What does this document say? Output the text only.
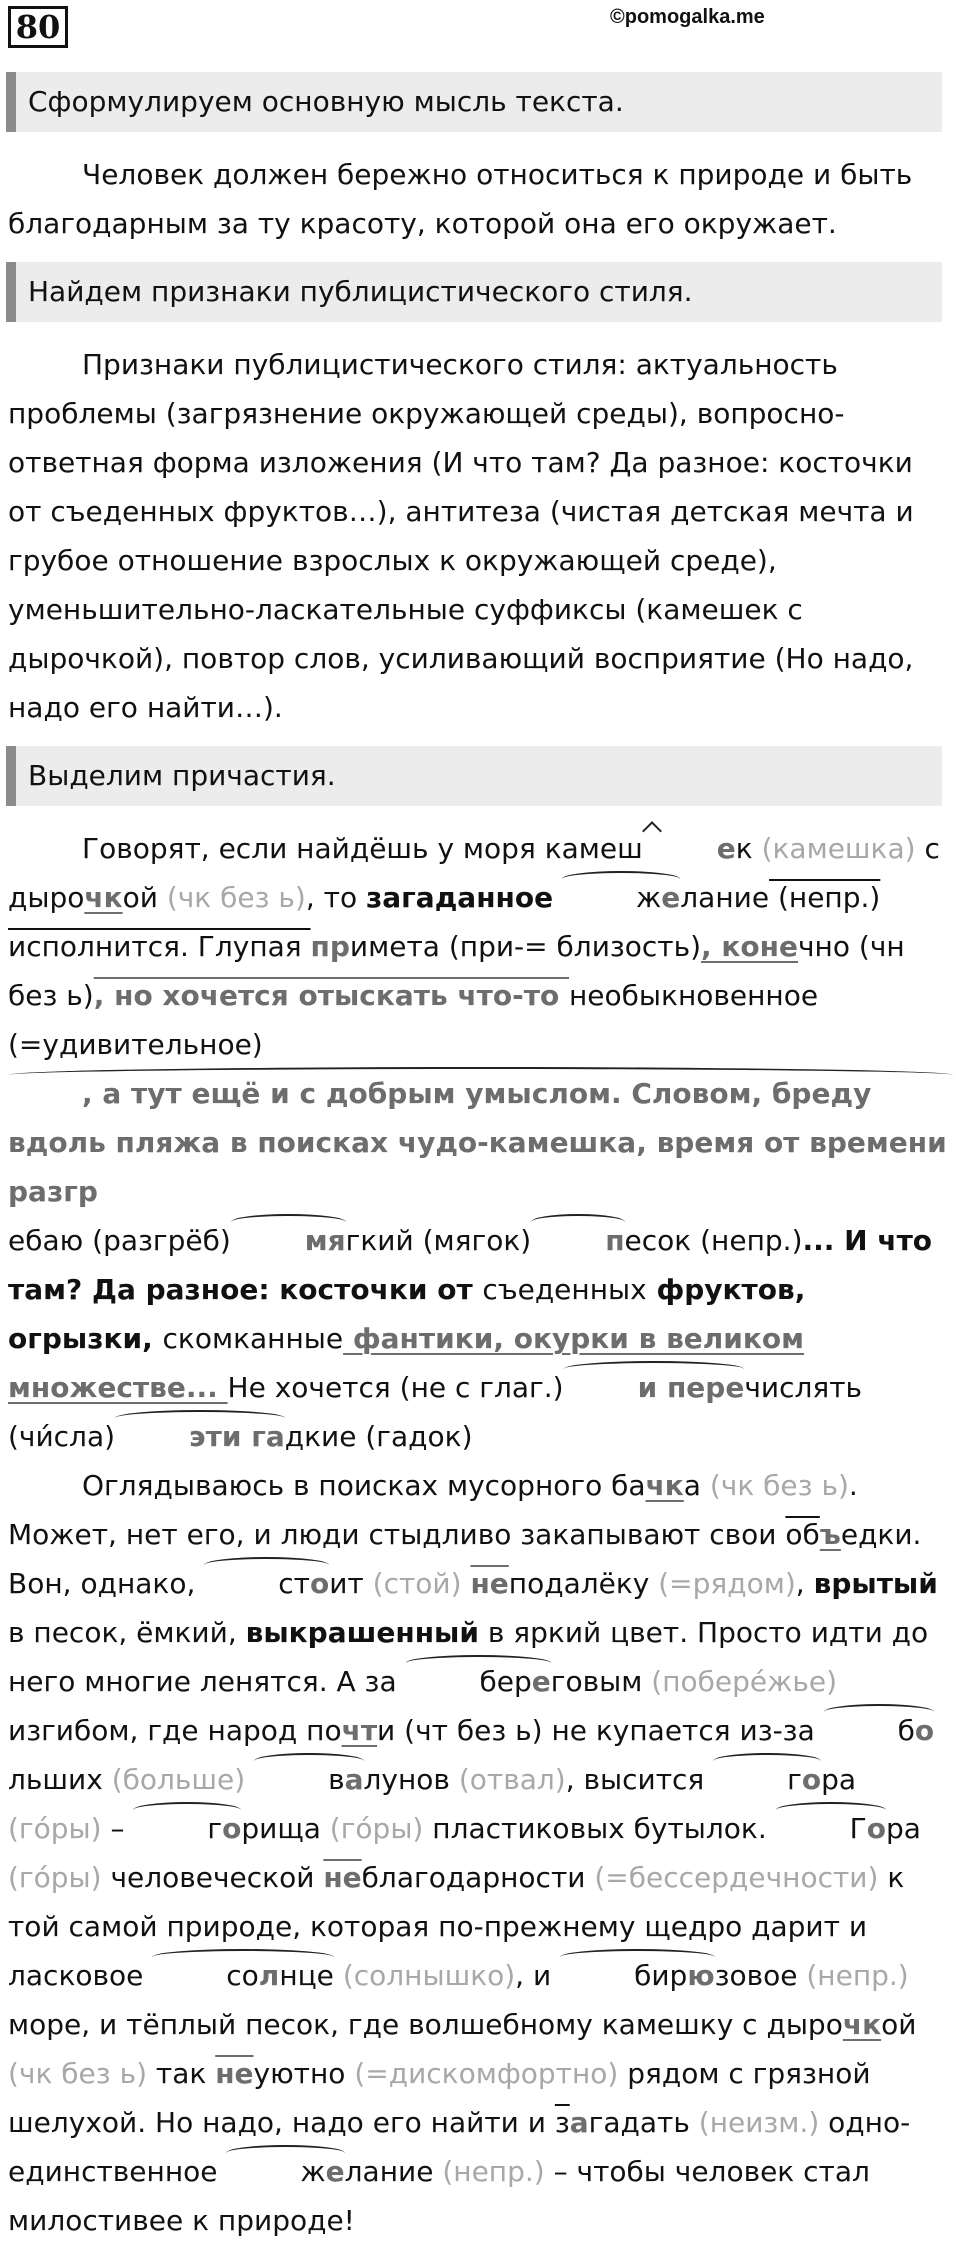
80	©pomogalka.me
Сформулируем основную мысль текста.

Человек должен бережно относиться к природе и быть благодарным за ту красоту, которой она его окружает.

Найдем признаки публицистического стиля.

Признаки публицистического стиля: актуальность проблемы (загрязнение окружающей среды), вопросно-ответная форма изложения (И что там? Да разное: косточки от съеденных фруктов…), антитеза (чистая детская мечта и грубое отношение взрослых к окружающей среде), уменьшительно-ласкательные суффиксы (камешек с дырочкой), повтор слов, усиливающий восприятие (Но надо, надо его найти…).

Выделим причастия.

Говорят, если найдёшь у моря камеш	ек (камешка) с дырочкой (чк без ь), то загаданное	желание (непр.) исполнится. Глупая примета (при-= близость), конечно (чн без ь), но хочется отыскать что-то необыкновенное (=удивительное), а тут ещё и с добрым умыслом. Словом, бреду вдоль пляжа в поисках чудо-камешка, время от времени разгребаю (разгрёб)	мягкий (мягок)	песок (непр.)... И что там? Да разное: косточки от съеденных фруктов, огрызки, скомканные фантики, окурки в великом множестве... Не хочется (не с глаг.)	и перечислять (чи́сла)	эти гадкие (гадок)

Оглядываюсь в поисках мусорного бачка (чк без ь). Может, нет его, и люди стыдливо закапывают свои объедки. Вон, однако,	стоит (стой) неподалёку (=рядом), врытый в песок, ёмкий, выкрашенный в яркий цвет. Просто идти до него многие ленятся. А за	береговым (побере́жье) изгибом, где народ почти (чт без ь) не купается из-за	больших (больше)	валунов (отвал), высится	гора (го́ры) –	горища (го́ры) пластиковых бутылок.	Гора (го́ры) человеческой неблагодарности (=бессердечности) к той самой природе, которая по-прежнему щедро дарит и ласковое	солнце (солнышко), и	бирюзовое (непр.) море, и тёплый песок, где волшебному камешку с дырочкой (чк без ь) так неуютно (=дискомфортно) рядом с грязной шелухой. Но надо, надо его найти и загадать (неизм.) одно-единственное	желание (непр.) – чтобы человек стал милостивее к природе!
